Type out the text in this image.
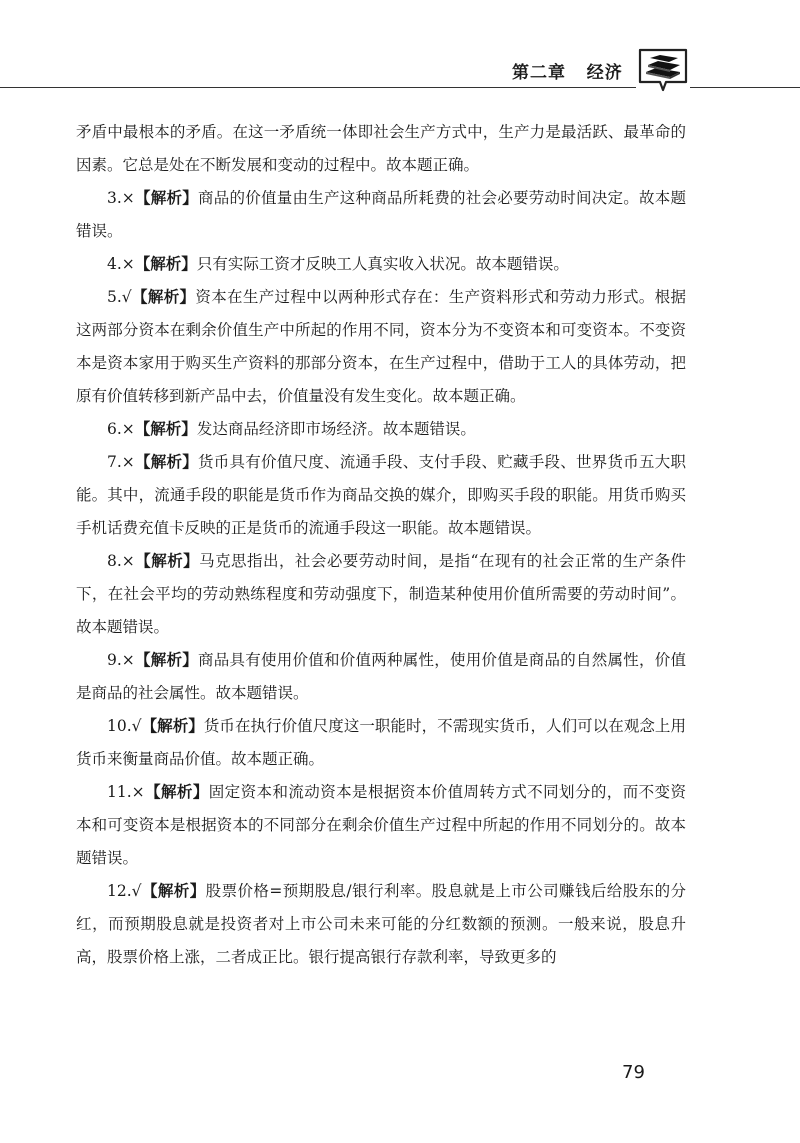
第二章 经济
矛盾中最根本的矛盾。在这一矛盾统一体即社会生产方式中，生产力是最活跃、最革命的因素。它总是处在不断发展和变动的过程中。故本题正确。
3.×【解析】商品的价值量由生产这种商品所耗费的社会必要劳动时间决定。故本题错误。
4.×【解析】只有实际工资才反映工人真实收入状况。故本题错误。
5.√【解析】资本在生产过程中以两种形式存在：生产资料形式和劳动力形式。根据这两部分资本在剩余价值生产中所起的作用不同，资本分为不变资本和可变资本。不变资本是资本家用于购买生产资料的那部分资本，在生产过程中，借助于工人的具体劳动，把原有价值转移到新产品中去，价值量没有发生变化。故本题正确。
6.×【解析】发达商品经济即市场经济。故本题错误。
7.×【解析】货币具有价值尺度、流通手段、支付手段、贮藏手段、世界货币五大职能。其中，流通手段的职能是货币作为商品交换的媒介，即购买手段的职能。用货币购买手机话费充值卡反映的正是货币的流通手段这一职能。故本题错误。
8.×【解析】马克思指出，社会必要劳动时间，是指“在现有的社会正常的生产条件下，在社会平均的劳动熟练程度和劳动强度下，制造某种使用价值所需要的劳动时间”。故本题错误。
9.×【解析】商品具有使用价值和价值两种属性，使用价值是商品的自然属性，价值是商品的社会属性。故本题错误。
10.√【解析】货币在执行价值尺度这一职能时，不需现实货币，人们可以在观念上用货币来衡量商品价值。故本题正确。
11.×【解析】固定资本和流动资本是根据资本价值周转方式不同划分的，而不变资本和可变资本是根据资本的不同部分在剩余价值生产过程中所起的作用不同划分的。故本题错误。
12.√【解析】股票价格=预期股息/银行利率。股息就是上市公司赚钱后给股东的分红，而预期股息就是投资者对上市公司未来可能的分红数额的预测。一般来说，股息升高，股票价格上涨，二者成正比。银行提高银行存款利率，导致更多的
79
